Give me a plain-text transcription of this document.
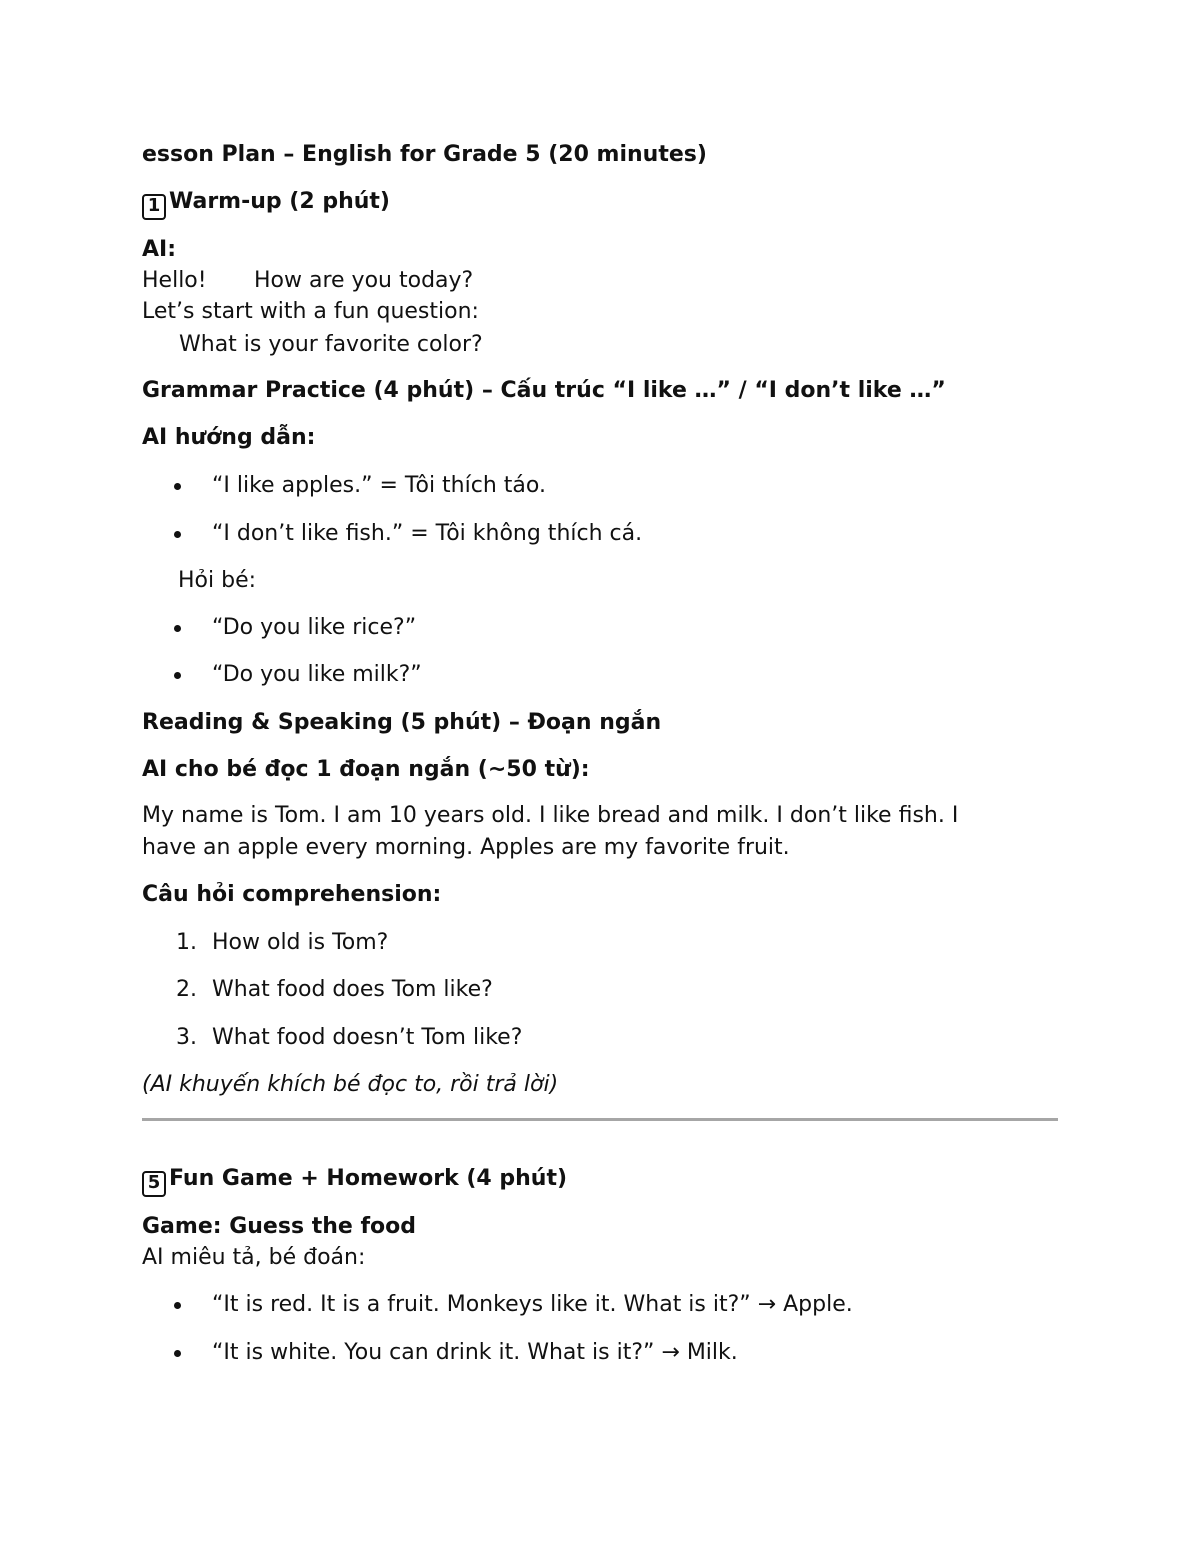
esson Plan – English for Grade 5 (20 minutes)
1 Warm-up (2 phút)
AI:
Hello! How are you today?
Let’s start with a fun question:
What is your favorite color?
Grammar Practice (4 phút) – Cấu trúc “I like …” / “I don’t like …”
AI hướng dẫn:
“I like apples.” = Tôi thích táo.
“I don’t like fish.” = Tôi không thích cá.
Hỏi bé:
“Do you like rice?”
“Do you like milk?”
Reading & Speaking (5 phút) – Đoạn ngắn
AI cho bé đọc 1 đoạn ngắn (~50 từ):
My name is Tom. I am 10 years old. I like bread and milk. I don’t like fish. I
have an apple every morning. Apples are my favorite fruit.
Câu hỏi comprehension:
1. How old is Tom?
2. What food does Tom like?
3. What food doesn’t Tom like?
(AI khuyến khích bé đọc to, rồi trả lời)
5 Fun Game + Homework (4 phút)
Game: Guess the food
AI miêu tả, bé đoán:
“It is red. It is a fruit. Monkeys like it. What is it?” → Apple.
“It is white. You can drink it. What is it?” → Milk.
